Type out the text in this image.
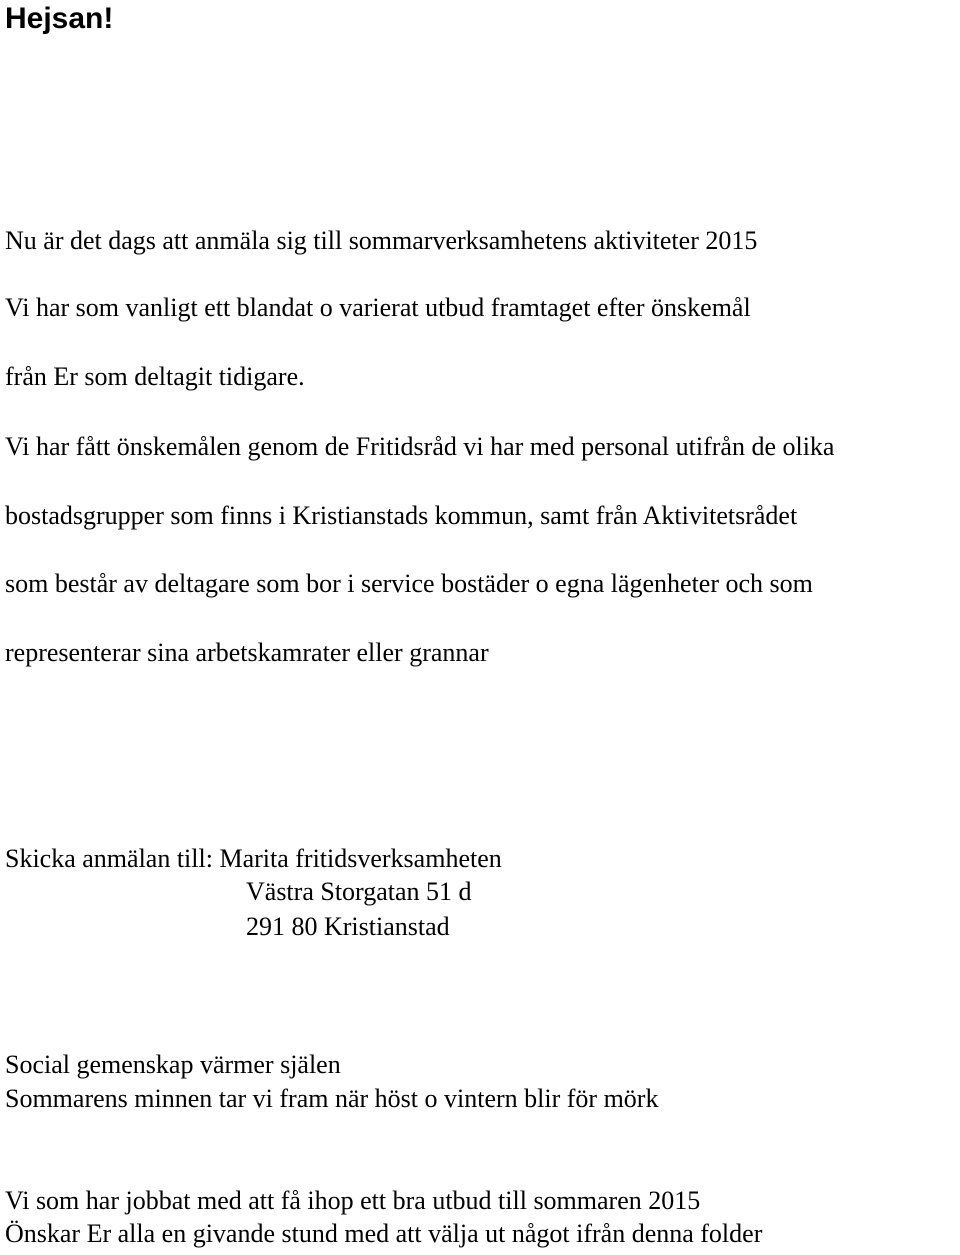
Hejsan!
Nu är det dags att anmäla sig till sommarverksamhetens aktiviteter 2015
Vi har som vanligt ett blandat o varierat utbud framtaget efter önskemål
från Er som deltagit tidigare.
Vi har fått önskemålen genom de Fritidsråd vi har med personal utifrån de olika
bostadsgrupper som finns i Kristianstads kommun, samt från Aktivitetsrådet
som består av deltagare som bor i service bostäder o egna lägenheter och som
representerar sina arbetskamrater eller grannar
Skicka anmälan till: Marita fritidsverksamheten
Västra Storgatan 51 d
291 80 Kristianstad
Social gemenskap värmer själen
Sommarens minnen tar vi fram när höst o vintern blir för mörk
Vi som har jobbat med att få ihop ett bra utbud till sommaren 2015
Önskar Er alla en givande stund med att välja ut något ifrån denna folder
